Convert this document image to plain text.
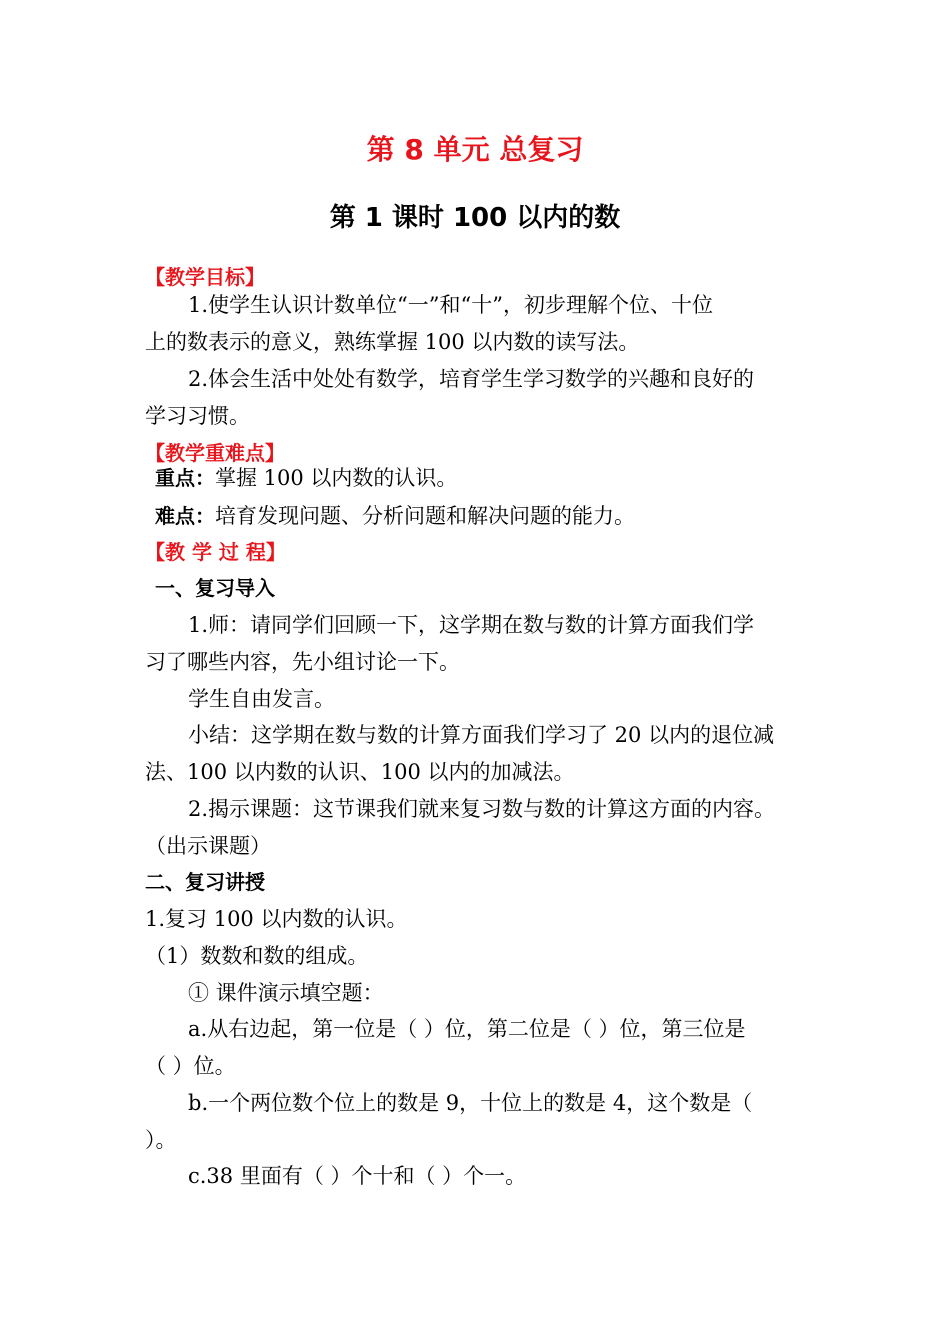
第 8 单元 总复习
第 1 课时 100 以内的数
【教学目标】
1.使学生认识计数单位“一”和“十”，初步理解个位、十位
上的数表示的意义，熟练掌握 100 以内数的读写法。
2.体会生活中处处有数学，培育学生学习数学的兴趣和良好的
学习习惯。
【教学重难点】
重点：掌握 100 以内数的认识。
难点：培育发现问题、分析问题和解决问题的能力。
【教 学 过 程】
一、复习导入
1.师：请同学们回顾一下，这学期在数与数的计算方面我们学
习了哪些内容，先小组讨论一下。
学生自由发言。
小结：这学期在数与数的计算方面我们学习了 20 以内的退位减
法、100 以内数的认识、100 以内的加减法。
2.揭示课题：这节课我们就来复习数与数的计算这方面的内容。
（出示课题）
二、复习讲授
1.复习 100 以内数的认识。
（1）数数和数的组成。
① 课件演示填空题：
a.从右边起，第一位是（ ）位，第二位是（ ）位，第三位是
（ ）位。
b.一个两位数个位上的数是 9，十位上的数是 4，这个数是（
）。
c.38 里面有（ ）个十和（ ）个一。
